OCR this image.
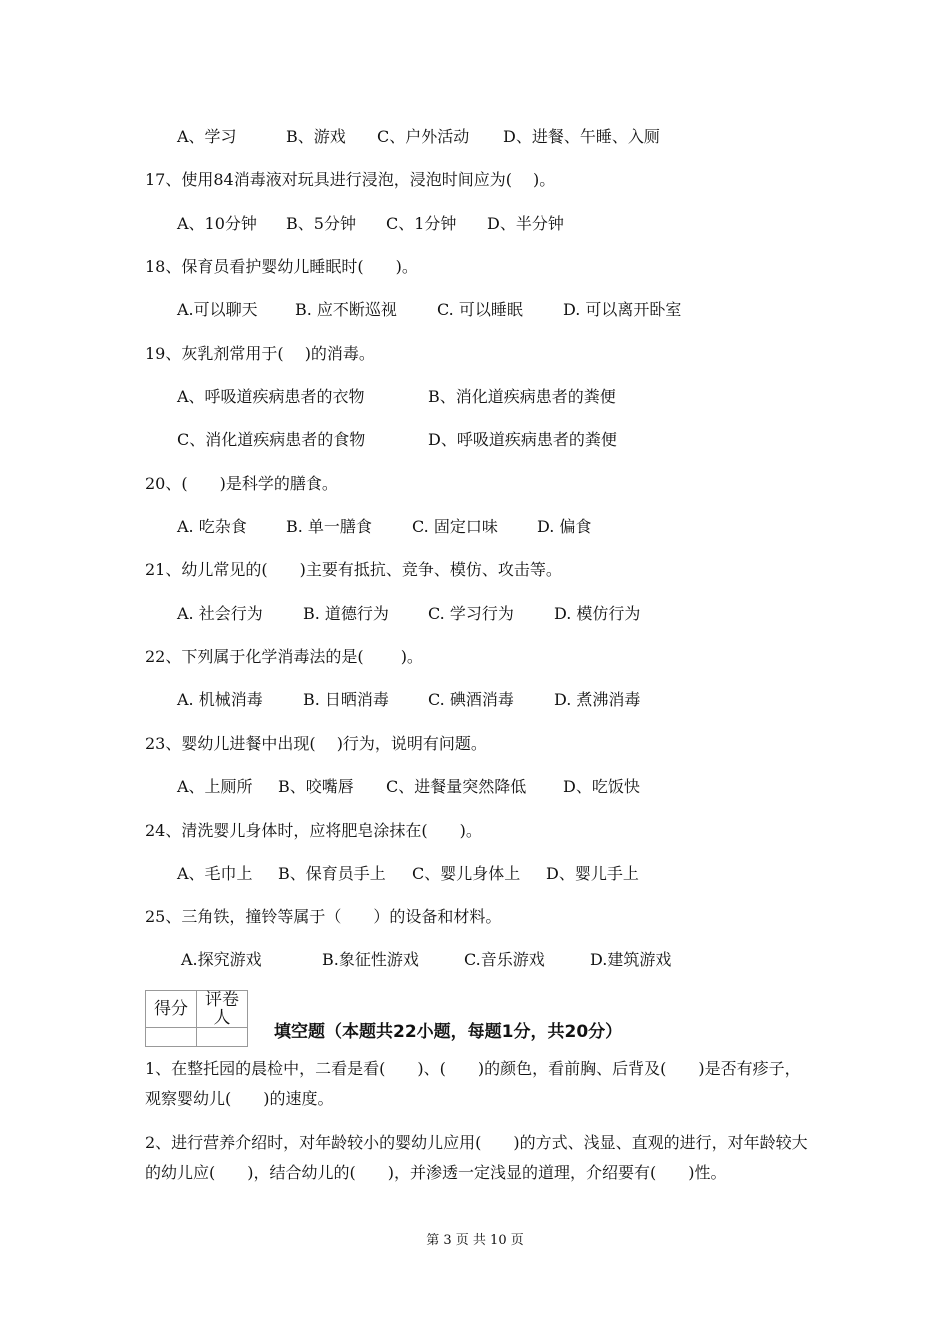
A、学习	B、游戏 C、户外活动 D、进餐、午睡、入厕
17、使用84消毒液对玩具进行浸泡，浸泡时间应为(　 )。
A、10分钟 B、5分钟 C、1分钟 D、半分钟
18、保育员看护婴幼儿睡眠时(　　)。
A.可以聊天 B. 应不断巡视	C. 可以睡眠	D. 可以离开卧室
19、灰乳剂常用于(　 )的消毒。
A、呼吸道疾病患者的衣物	B、消化道疾病患者的粪便
C、消化道疾病患者的食物	D、呼吸道疾病患者的粪便
20、(　　)是科学的膳食。
A. 吃杂食 B. 单一膳食	C. 固定口味 D. 偏食
21、幼儿常见的(　　)主要有抵抗、竞争、模仿、攻击等。
A. 社会行为	B. 道德行为 C. 学习行为	D. 模仿行为
22、下列属于化学消毒法的是(　　 )。
A. 机械消毒	B. 日晒消毒 C. 碘酒消毒	D. 煮沸消毒
23、婴幼儿进餐中出现(　 )行为，说明有问题。
A、上厕所 B、咬嘴唇 C、进餐量突然降低 D、吃饭快
24、清洗婴儿身体时，应将肥皂涂抹在(　　)。
A、毛巾上 B、保育员手上 C、婴儿身体上 D、婴儿手上
25、三角铁，撞铃等属于（　　）的设备和材料。
A.探究游戏	B.象征性游戏	C.音乐游戏	D.建筑游戏
得分	评卷人

填空题（本题共22小题，每题1分，共20分）
1、在整托园的晨检中，二看是看(　　)、(　　)的颜色，看前胸、后背及(　　)是否有疹子，观察婴幼儿(　　)的速度。
2、进行营养介绍时，对年龄较小的婴幼儿应用(　　)的方式、浅显、直观的进行，对年龄较大的幼儿应(　　)，结合幼儿的(　　)，并渗透一定浅显的道理，介绍要有(　　)性。
第 3 页 共 10 页
